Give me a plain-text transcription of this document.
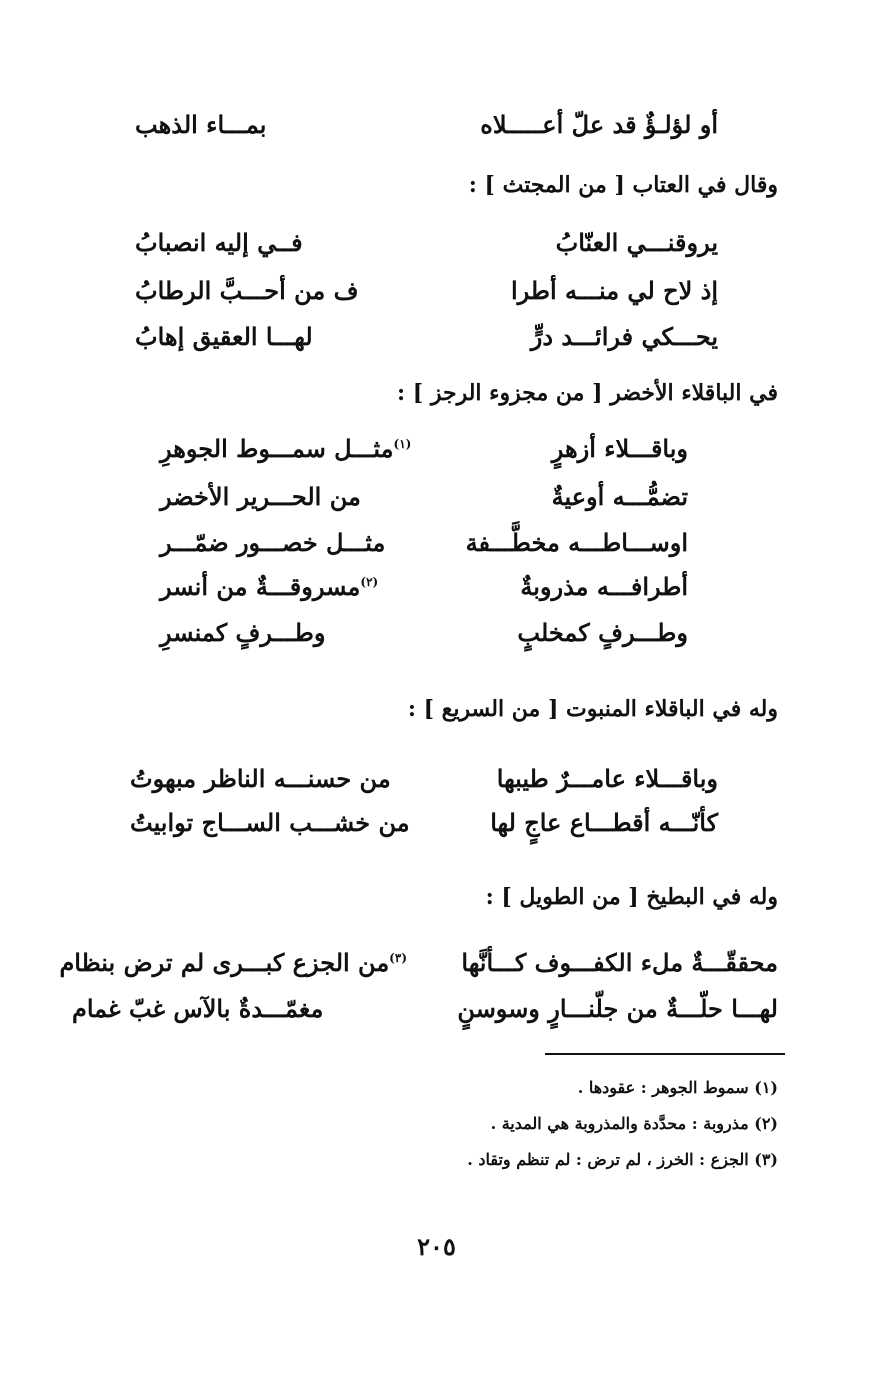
أو لؤلـؤٌ قد علّ أعـــــلاه
بمـــاء الذهب
وقال في العتاب [ من المجتث ] :
يروقنـــي العنّابُ
فــي إليه انصبابُ
إذ لاح لي منـــه أطرا
ف من أحـــبَّ الرطابُ
يحـــكي فرائـــد درٍّ
لهـــا العقيق إهابُ
في الباقلاء الأخضر [ من مجزوء الرجز ] :
وباقـــلاء أزهرٍ
$^{(١)}$مثـــل سمـــوط الجوهرِ
تضمُّـــه أوعيةٌ
من الحـــرير الأخضر
اوســـاطـــه مخطَّـــفة
مثـــل خصـــور ضمّـــر
أطرافـــه مذروبةٌ
$^{(٢)}$مسروقـــةٌ من أنسر
وطـــرفٍ كمخلبٍ
وطـــرفٍ كمنسرِ
وله في الباقلاء المنبوت [ من السريع ] :
وباقـــلاء عامـــرٌ طيبها
من حسنـــه الناظر مبهوتُ
كأنّـــه أقطـــاع عاجٍ لها
من خشـــب الســـاج توابيتُ
وله في البطيخ [ من الطويل ] :
محققّـــةٌ ملء الكفـــوف كـــأنَّها
$^{(٣)}$من الجزع كبـــرى لم ترض بنظام
لهـــا حلّـــةٌ من جلّنـــارٍ وسوسنٍ
مغمّـــدةٌ بالآس غبّ غمام
(١) سموط الجوهر : عقودها .
(٢) مذروبة : محدَّدة والمذروبة هي المدية .
(٣) الجزع : الخرز ، لم ترض : لم تنظم وتقاد .
٢٠٥
